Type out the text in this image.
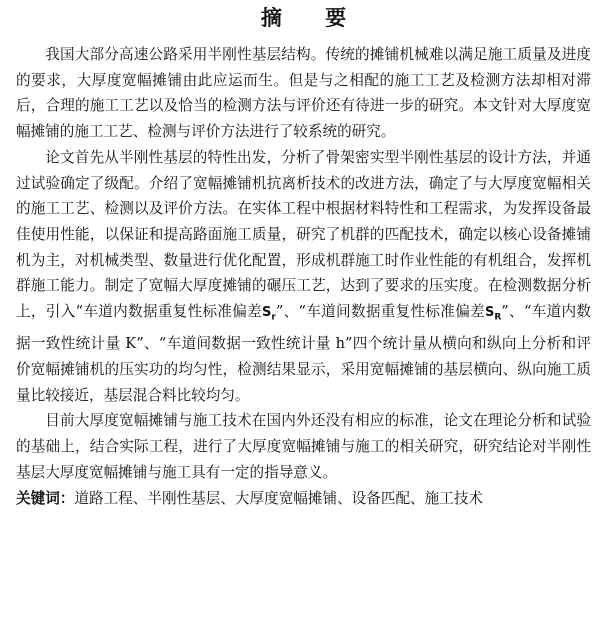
摘 要

我国大部分高速公路采用半刚性基层结构。传统的摊铺机械难以满足施工质量及进度的要求，大厚度宽幅摊铺由此应运而生。但是与之相配的施工工艺及检测方法却相对滞后，合理的施工工艺以及恰当的检测方法与评价还有待进一步的研究。本文针对大厚度宽幅摊铺的施工工艺、检测与评价方法进行了较系统的研究。

论文首先从半刚性基层的特性出发，分析了骨架密实型半刚性基层的设计方法，并通过试验确定了级配。介绍了宽幅摊铺机抗离析技术的改进方法，确定了与大厚度宽幅相关的施工工艺、检测以及评价方法。在实体工程中根据材料特性和工程需求，为发挥设备最佳使用性能，以保证和提高路面施工质量，研究了机群的匹配技术，确定以核心设备摊铺机为主，对机械类型、数量进行优化配置，形成机群施工时作业性能的有机组合，发挥机群施工能力。制定了宽幅大厚度摊铺的碾压工艺，达到了要求的压实度。在检测数据分析上，引入“车道内数据重复性标准偏差$S_r$”、“车道间数据重复性标准偏差$S_R$”、“车道内数据一致性统计量 K”、“车道间数据一致性统计量 h”四个统计量从横向和纵向上分析和评价宽幅摊铺机的压实功的均匀性，检测结果显示，采用宽幅摊铺的基层横向、纵向施工质量比较接近，基层混合料比较均匀。

目前大厚度宽幅摊铺与施工技术在国内外还没有相应的标准，论文在理论分析和试验的基础上，结合实际工程，进行了大厚度宽幅摊铺与施工的相关研究，研究结论对半刚性基层大厚度宽幅摊铺与施工具有一定的指导意义。

关键词：道路工程、半刚性基层、大厚度宽幅摊铺、设备匹配、施工技术
